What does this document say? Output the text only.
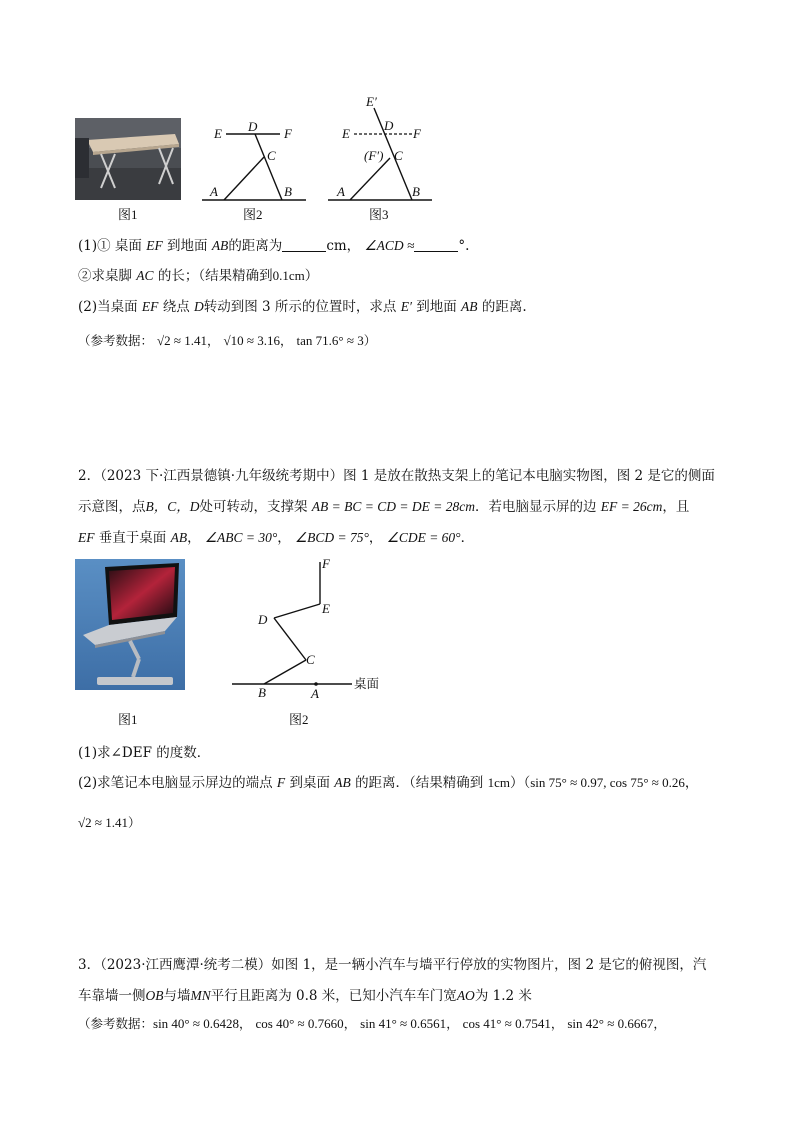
图1
E D F
C
A	B
图2
E′
E
D
F
(F′) C
A	B
图3
(1)① 桌面 EF 到地面 AB的距离为	cm， ∠ACD ≈	°.
②求桌脚 AC 的长；（结果精确到0.1cm）
(2)当桌面 EF 绕点 D转动到图 3 所示的位置时，求点 E′ 到地面 AB 的距离.
（参考数据： √2 ≈ 1.41， √10 ≈ 3.16， tan 71.6° ≈ 3）
2．（2023 下·江西景德镇·九年级统考期中）图 1 是放在散热支架上的笔记本电脑实物图，图 2 是它的侧面
示意图，点B，C，D处可转动，支撑架 AB = BC = CD = DE = 28cm．若电脑显示屏的边 EF = 26cm，且
EF 垂直于桌面 AB， ∠ABC = 30°， ∠BCD = 75°， ∠CDE = 60°．
图1
F
E
D
C
B	A
桌面
图2
(1)求∠DEF 的度数．
(2)求笔记本电脑显示屏边的端点 F 到桌面 AB 的距离．（结果精确到 1cm）（sin 75° ≈ 0.97, cos 75° ≈ 0.26，
√2 ≈ 1.41）
3．（2023·江西鹰潭·统考二模）如图 1，是一辆小汽车与墙平行停放的实物图片，图 2 是它的俯视图，汽
车靠墙一侧OB与墙MN平行且距离为 0.8 米，已知小汽车车门宽AO为 1.2 米
（参考数据：sin 40° ≈ 0.6428， cos 40° ≈ 0.7660， sin 41° ≈ 0.6561， cos 41° ≈ 0.7541， sin 42° ≈ 0.6667，
